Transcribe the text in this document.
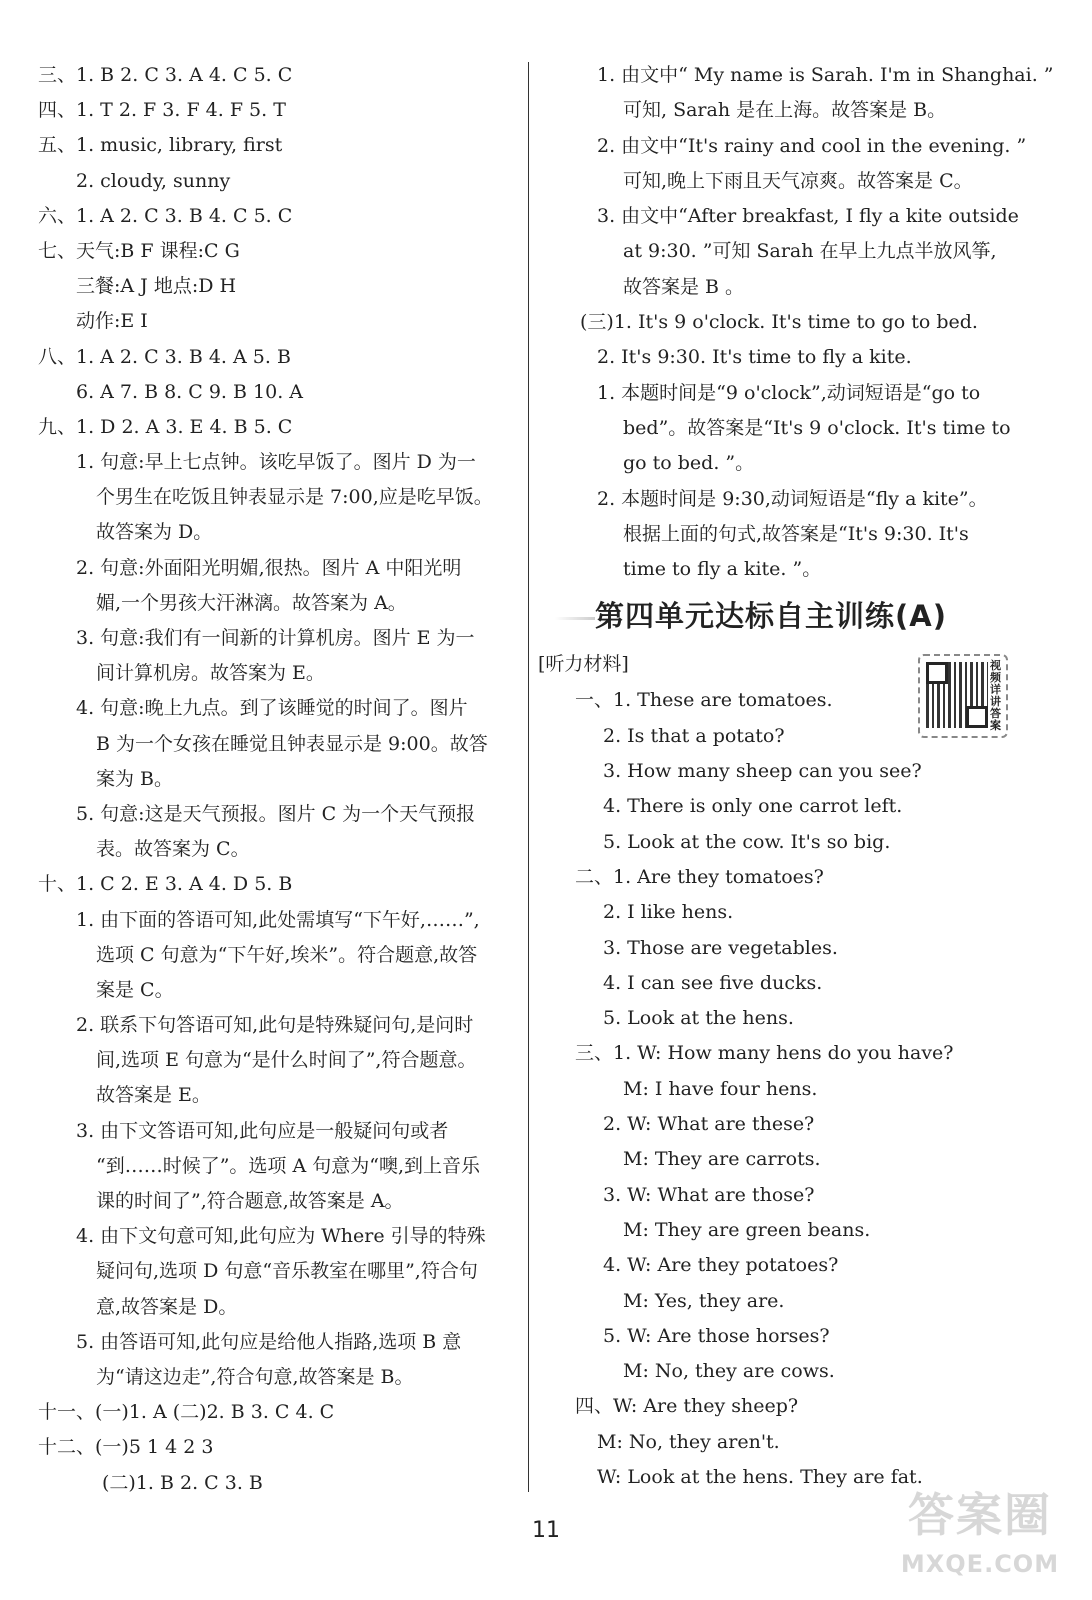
三、1. B 2. C 3. A 4. C 5. C
四、1. T 2. F 3. F 4. F 5. T
五、1. music, library, first
2. cloudy, sunny
六、1. A 2. C 3. B 4. C 5. C
七、天气:B F 课程:C G
三餐:A J 地点:D H
动作:E I
八、1. A 2. C 3. B 4. A 5. B
6. A 7. B 8. C 9. B 10. A
九、1. D 2. A 3. E 4. B 5. C
1. 句意:早上七点钟。该吃早饭了。图片 D 为一
个男生在吃饭且钟表显示是 7:00,应是吃早饭。
故答案为 D。
2. 句意:外面阳光明媚,很热。图片 A 中阳光明
媚,一个男孩大汗淋漓。故答案为 A。
3. 句意:我们有一间新的计算机房。图片 E 为一
间计算机房。故答案为 E。
4. 句意:晚上九点。到了该睡觉的时间了。图片
B 为一个女孩在睡觉且钟表显示是 9:00。故答
案为 B。
5. 句意:这是天气预报。图片 C 为一个天气预报
表。故答案为 C。
十、1. C 2. E 3. A 4. D 5. B
1. 由下面的答语可知,此处需填写“下午好,……”,
选项 C 句意为“下午好,埃米”。符合题意,故答
案是 C。
2. 联系下句答语可知,此句是特殊疑问句,是问时
间,选项 E 句意为“是什么时间了”,符合题意。
故答案是 E。
3. 由下文答语可知,此句应是一般疑问句或者
“到……时候了”。选项 A 句意为“噢,到上音乐
课的时间了”,符合题意,故答案是 A。
4. 由下文句意可知,此句应为 Where 引导的特殊
疑问句,选项 D 句意“音乐教室在哪里”,符合句
意,故答案是 D。
5. 由答语可知,此句应是给他人指路,选项 B 意
为“请这边走”,符合句意,故答案是 B。
十一、(一)1. A (二)2. B 3. C 4. C
十二、(一)5 1 4 2 3
(二)1. B 2. C 3. B
1. 由文中“ My name is Sarah. I'm in Shanghai. ”
可知, Sarah 是在上海。故答案是 B。
2. 由文中“It's rainy and cool in the evening. ”
可知,晚上下雨且天气凉爽。故答案是 C。
3. 由文中“After breakfast, I fly a kite outside
at 9:30. ”可知 Sarah 在早上九点半放风筝,
故答案是 B 。
(三)1. It's 9 o'clock. It's time to go to bed.
2. It's 9:30. It's time to fly a kite.
1. 本题时间是“9 o'clock”,动词短语是“go to
bed”。故答案是“It's 9 o'clock. It's time to
go to bed. ”。
2. 本题时间是 9:30,动词短语是“fly a kite”。
根据上面的句式,故答案是“It's 9:30. It's
time to fly a kite. ”。
第四单元达标自主训练(A)
[听力材料]
一、1. These are tomatoes.
2. Is that a potato?
3. How many sheep can you see?
4. There is only one carrot left.
5. Look at the cow. It's so big.
二、1. Are they tomatoes?
2. I like hens.
3. Those are vegetables.
4. I can see five ducks.
5. Look at the hens.
三、1. W: How many hens do you have?
M: I have four hens.
2. W: What are these?
M: They are carrots.
3. W: What are those?
M: They are green beans.
4. W: Are they potatoes?
M: Yes, they are.
5. W: Are those horses?
M: No, they are cows.
四、W: Are they sheep?
M: No, they aren't.
W: Look at the hens. They are fat.
视频详讲答案
11	答案圈
MXQE.COM
